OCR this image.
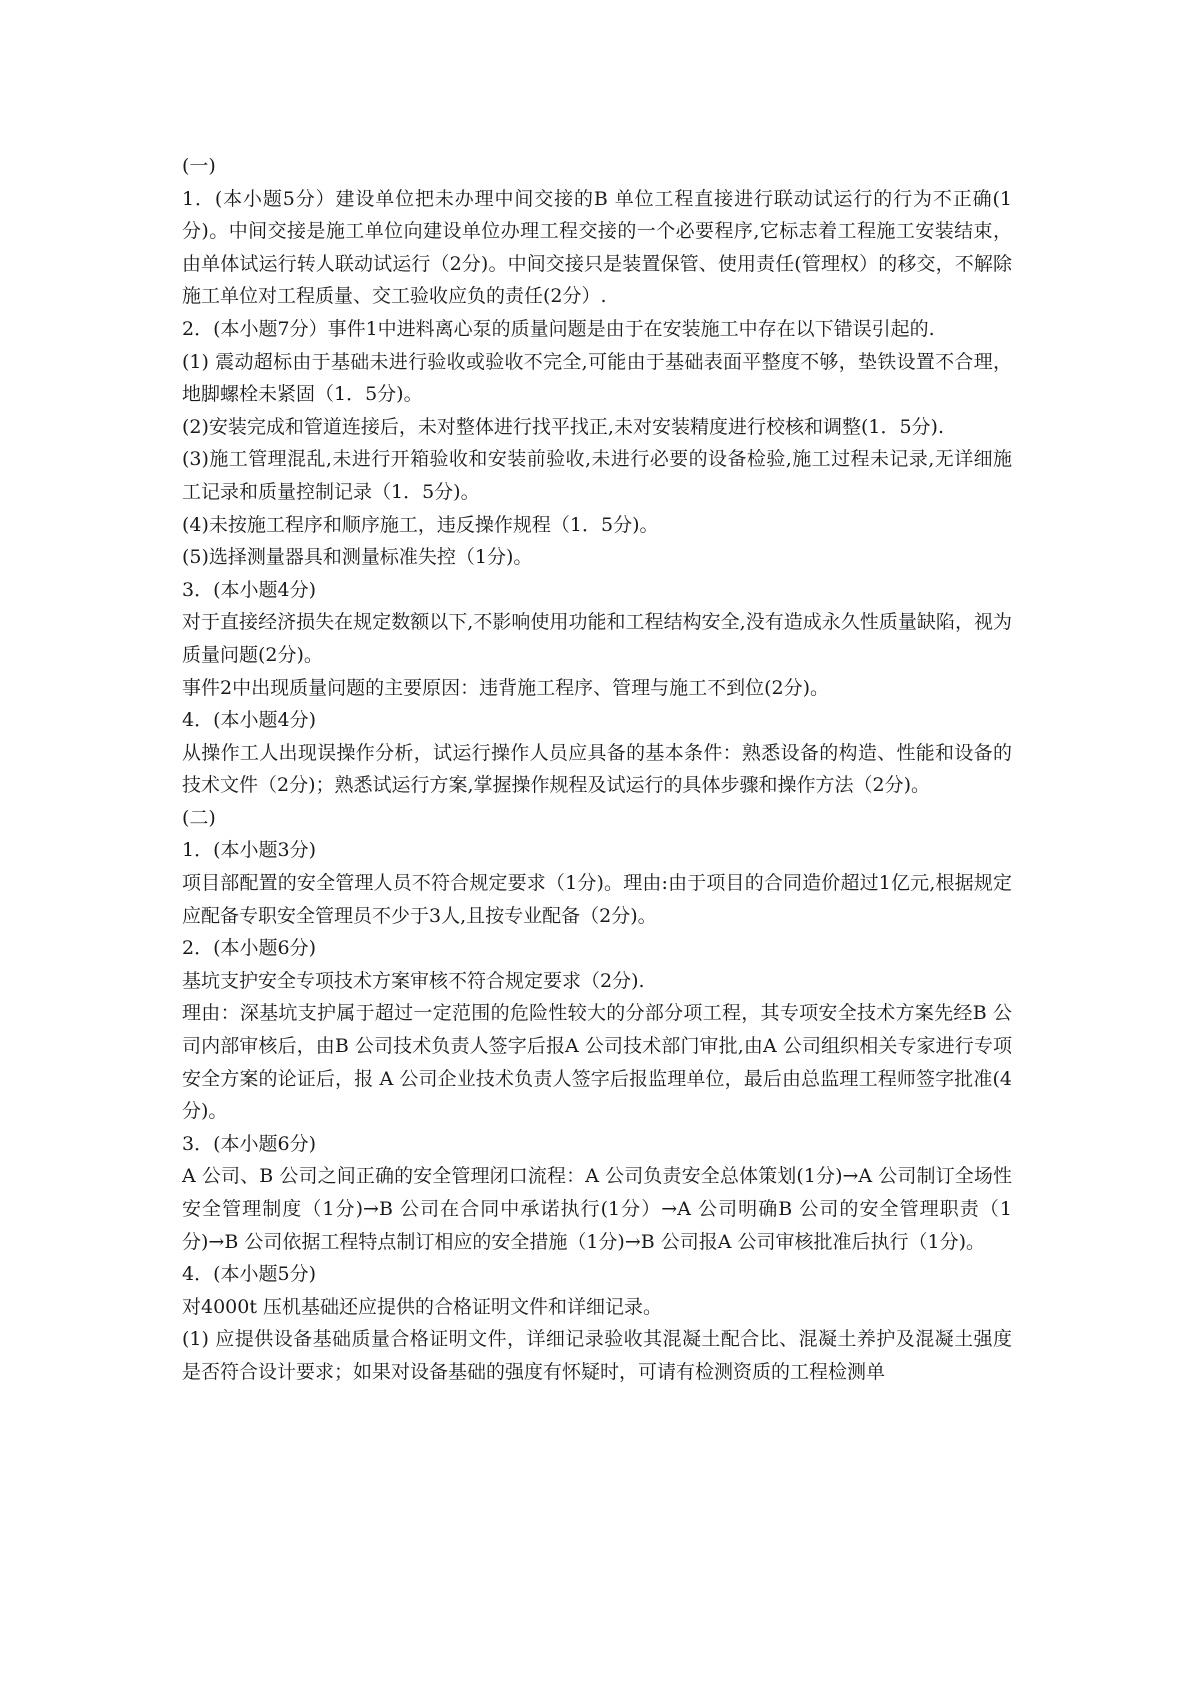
(一)

1．(本小题5分）建设单位把未办理中间交接的B 单位工程直接进行联动试运行的行为不正确(1分)。中间交接是施工单位向建设单位办理工程交接的一个必要程序,它标志着工程施工安装结束，由单体试运行转人联动试运行（2分)。中间交接只是装置保管、使用责任(管理权）的移交，不解除施工单位对工程质量、交工验收应负的责任(2分）.

2．(本小题7分）事件1中进料离心泵的质量问题是由于在安装施工中存在以下错误引起的.

(1) 震动超标由于基础未进行验收或验收不完全,可能由于基础表面平整度不够，垫铁设置不合理，地脚螺栓未紧固（1．5分)。

(2)安装完成和管道连接后，未对整体进行找平找正,未对安装精度进行校核和调整(1．5分).

(3)施工管理混乱,未进行开箱验收和安装前验收,未进行必要的设备检验,施工过程未记录,无详细施工记录和质量控制记录（1．5分)。

(4)未按施工程序和顺序施工，违反操作规程（1．5分)。

(5)选择测量器具和测量标准失控（1分)。

3．(本小题4分)

对于直接经济损失在规定数额以下,不影响使用功能和工程结构安全,没有造成永久性质量缺陷，视为质量问题(2分)。

事件2中出现质量问题的主要原因：违背施工程序、管理与施工不到位(2分)。

4．(本小题4分)

从操作工人出现误操作分析，试运行操作人员应具备的基本条件：熟悉设备的构造、性能和设备的技术文件（2分)；熟悉试运行方案,掌握操作规程及试运行的具体步骤和操作方法（2分)。

(二)

1．(本小题3分)

项目部配置的安全管理人员不符合规定要求（1分)。理由:由于项目的合同造价超过1亿元,根据规定应配备专职安全管理员不少于3人,且按专业配备（2分)。

2．(本小题6分)

基坑支护安全专项技术方案审核不符合规定要求（2分).

理由：深基坑支护属于超过一定范围的危险性较大的分部分项工程，其专项安全技术方案先经B 公司内部审核后，由B 公司技术负责人签字后报A 公司技术部门审批,由A 公司组织相关专家进行专项安全方案的论证后，报 A 公司企业技术负责人签字后报监理单位，最后由总监理工程师签字批准(4分)。

3．(本小题6分)

A 公司、B 公司之间正确的安全管理闭口流程：A 公司负责安全总体策划(1分)→A 公司制订全场性安全管理制度（1分)→B 公司在合同中承诺执行(1分）→A 公司明确B 公司的安全管理职责（1分)→B 公司依据工程特点制订相应的安全措施（1分)→B 公司报A 公司审核批准后执行（1分)。

4．(本小题5分)

对4000t 压机基础还应提供的合格证明文件和详细记录。

(1) 应提供设备基础质量合格证明文件，详细记录验收其混凝土配合比、混凝土养护及混凝土强度是否符合设计要求；如果对设备基础的强度有怀疑时，可请有检测资质的工程检测单
